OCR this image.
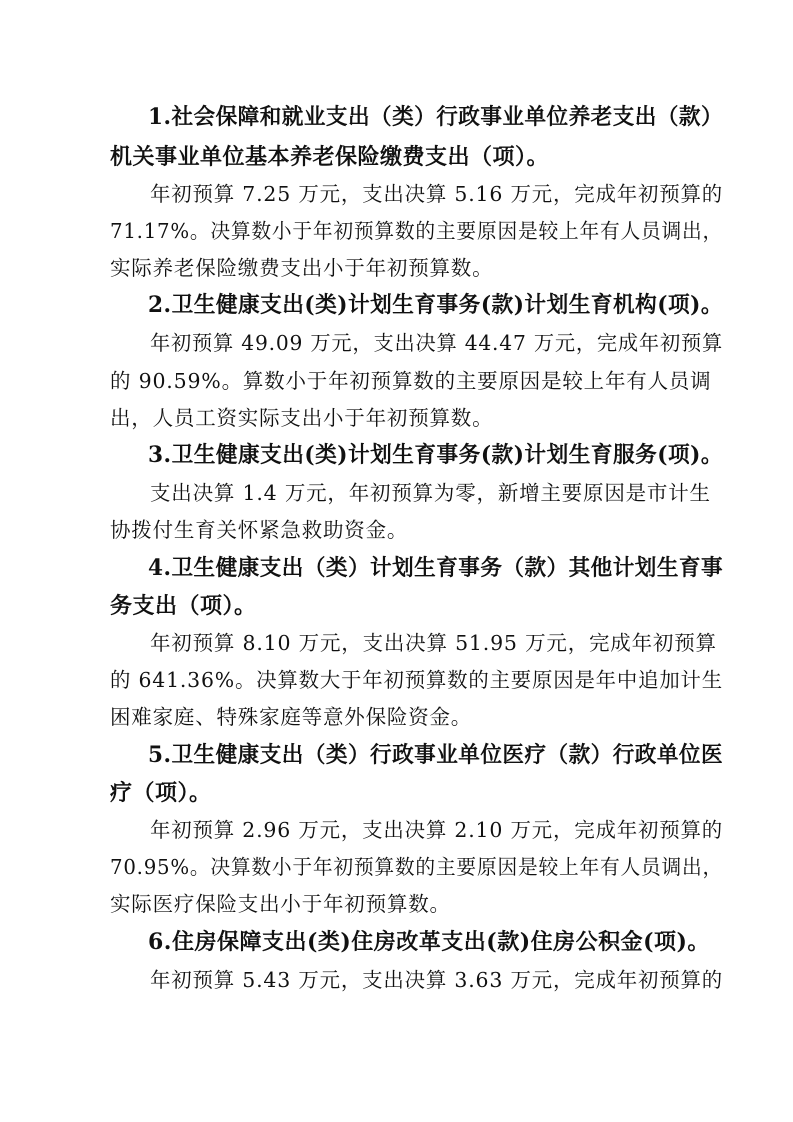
1.社会保障和就业支出（类）行政事业单位养老支出（款）
机关事业单位基本养老保险缴费支出（项）。
年初预算 7.25 万元，支出决算 5.16 万元，完成年初预算的
71.17%。决算数小于年初预算数的主要原因是较上年有人员调出，
实际养老保险缴费支出小于年初预算数。
2.卫生健康支出(类)计划生育事务(款)计划生育机构(项)。
年初预算 49.09 万元，支出决算 44.47 万元，完成年初预算
的 90.59%。算数小于年初预算数的主要原因是较上年有人员调
出，人员工资实际支出小于年初预算数。
3.卫生健康支出(类)计划生育事务(款)计划生育服务(项)。
支出决算 1.4 万元，年初预算为零，新增主要原因是市计生
协拨付生育关怀紧急救助资金。
4.卫生健康支出（类）计划生育事务（款）其他计划生育事
务支出（项）。
年初预算 8.10 万元，支出决算 51.95 万元，完成年初预算
的 641.36%。决算数大于年初预算数的主要原因是年中追加计生
困难家庭、特殊家庭等意外保险资金。
5.卫生健康支出（类）行政事业单位医疗（款）行政单位医
疗（项）。
年初预算 2.96 万元，支出决算 2.10 万元，完成年初预算的
70.95%。决算数小于年初预算数的主要原因是较上年有人员调出，
实际医疗保险支出小于年初预算数。
6.住房保障支出(类)住房改革支出(款)住房公积金(项)。
年初预算 5.43 万元，支出决算 3.63 万元，完成年初预算的
